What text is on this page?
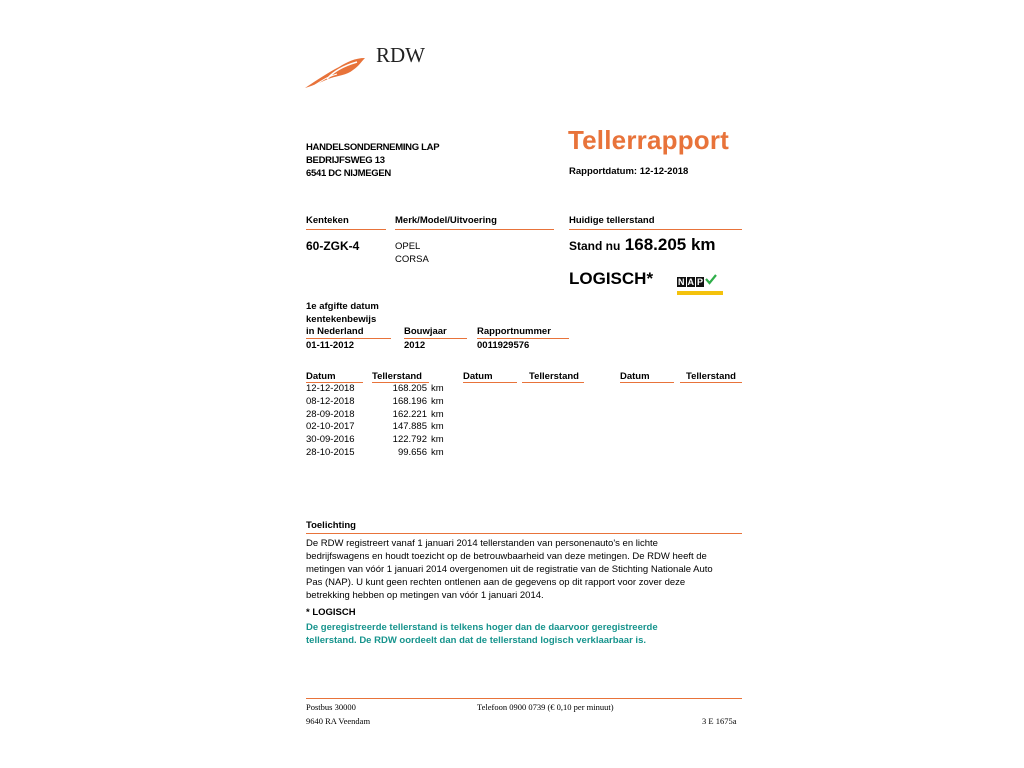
RDW
HANDELSONDERNEMING LAP
BEDRIJFSWEG 13
6541 DC NIJMEGEN
Tellerrapport
Rapportdatum: 12-12-2018
Kenteken	Merk/Model/Uitvoering	Huidige tellerstand
60-ZGK-4	OPEL
CORSA
Stand nu 168.205 km
LOGISCH*	N A P
1e afgifte datum
kentekenbewijs
in Nederland	Bouwjaar	Rapportnummer
01-11-2012	2012	0011929576
Datum	Tellerstand	Datum	Tellerstand	Datum	Tellerstand
12-12-2018	168.205 km
08-12-2018	168.196 km
28-09-2018	162.221 km
02-10-2017	147.885 km
30-09-2016	122.792 km
28-10-2015	99.656 km
Toelichting
De RDW registreert vanaf 1 januari 2014 tellerstanden van personenauto's en lichte
bedrijfswagens en houdt toezicht op de betrouwbaarheid van deze metingen. De RDW heeft de
metingen van vóór 1 januari 2014 overgenomen uit de registratie van de Stichting Nationale Auto
Pas (NAP). U kunt geen rechten ontlenen aan de gegevens op dit rapport voor zover deze
betrekking hebben op metingen van vóór 1 januari 2014.
* LOGISCH
De geregistreerde tellerstand is telkens hoger dan de daarvoor geregistreerde
tellerstand. De RDW oordeelt dan dat de tellerstand logisch verklaarbaar is.
Postbus 30000
9640 RA Veendam
Telefoon 0900 0739 (€ 0,10 per minuut)
3 E 1675a
